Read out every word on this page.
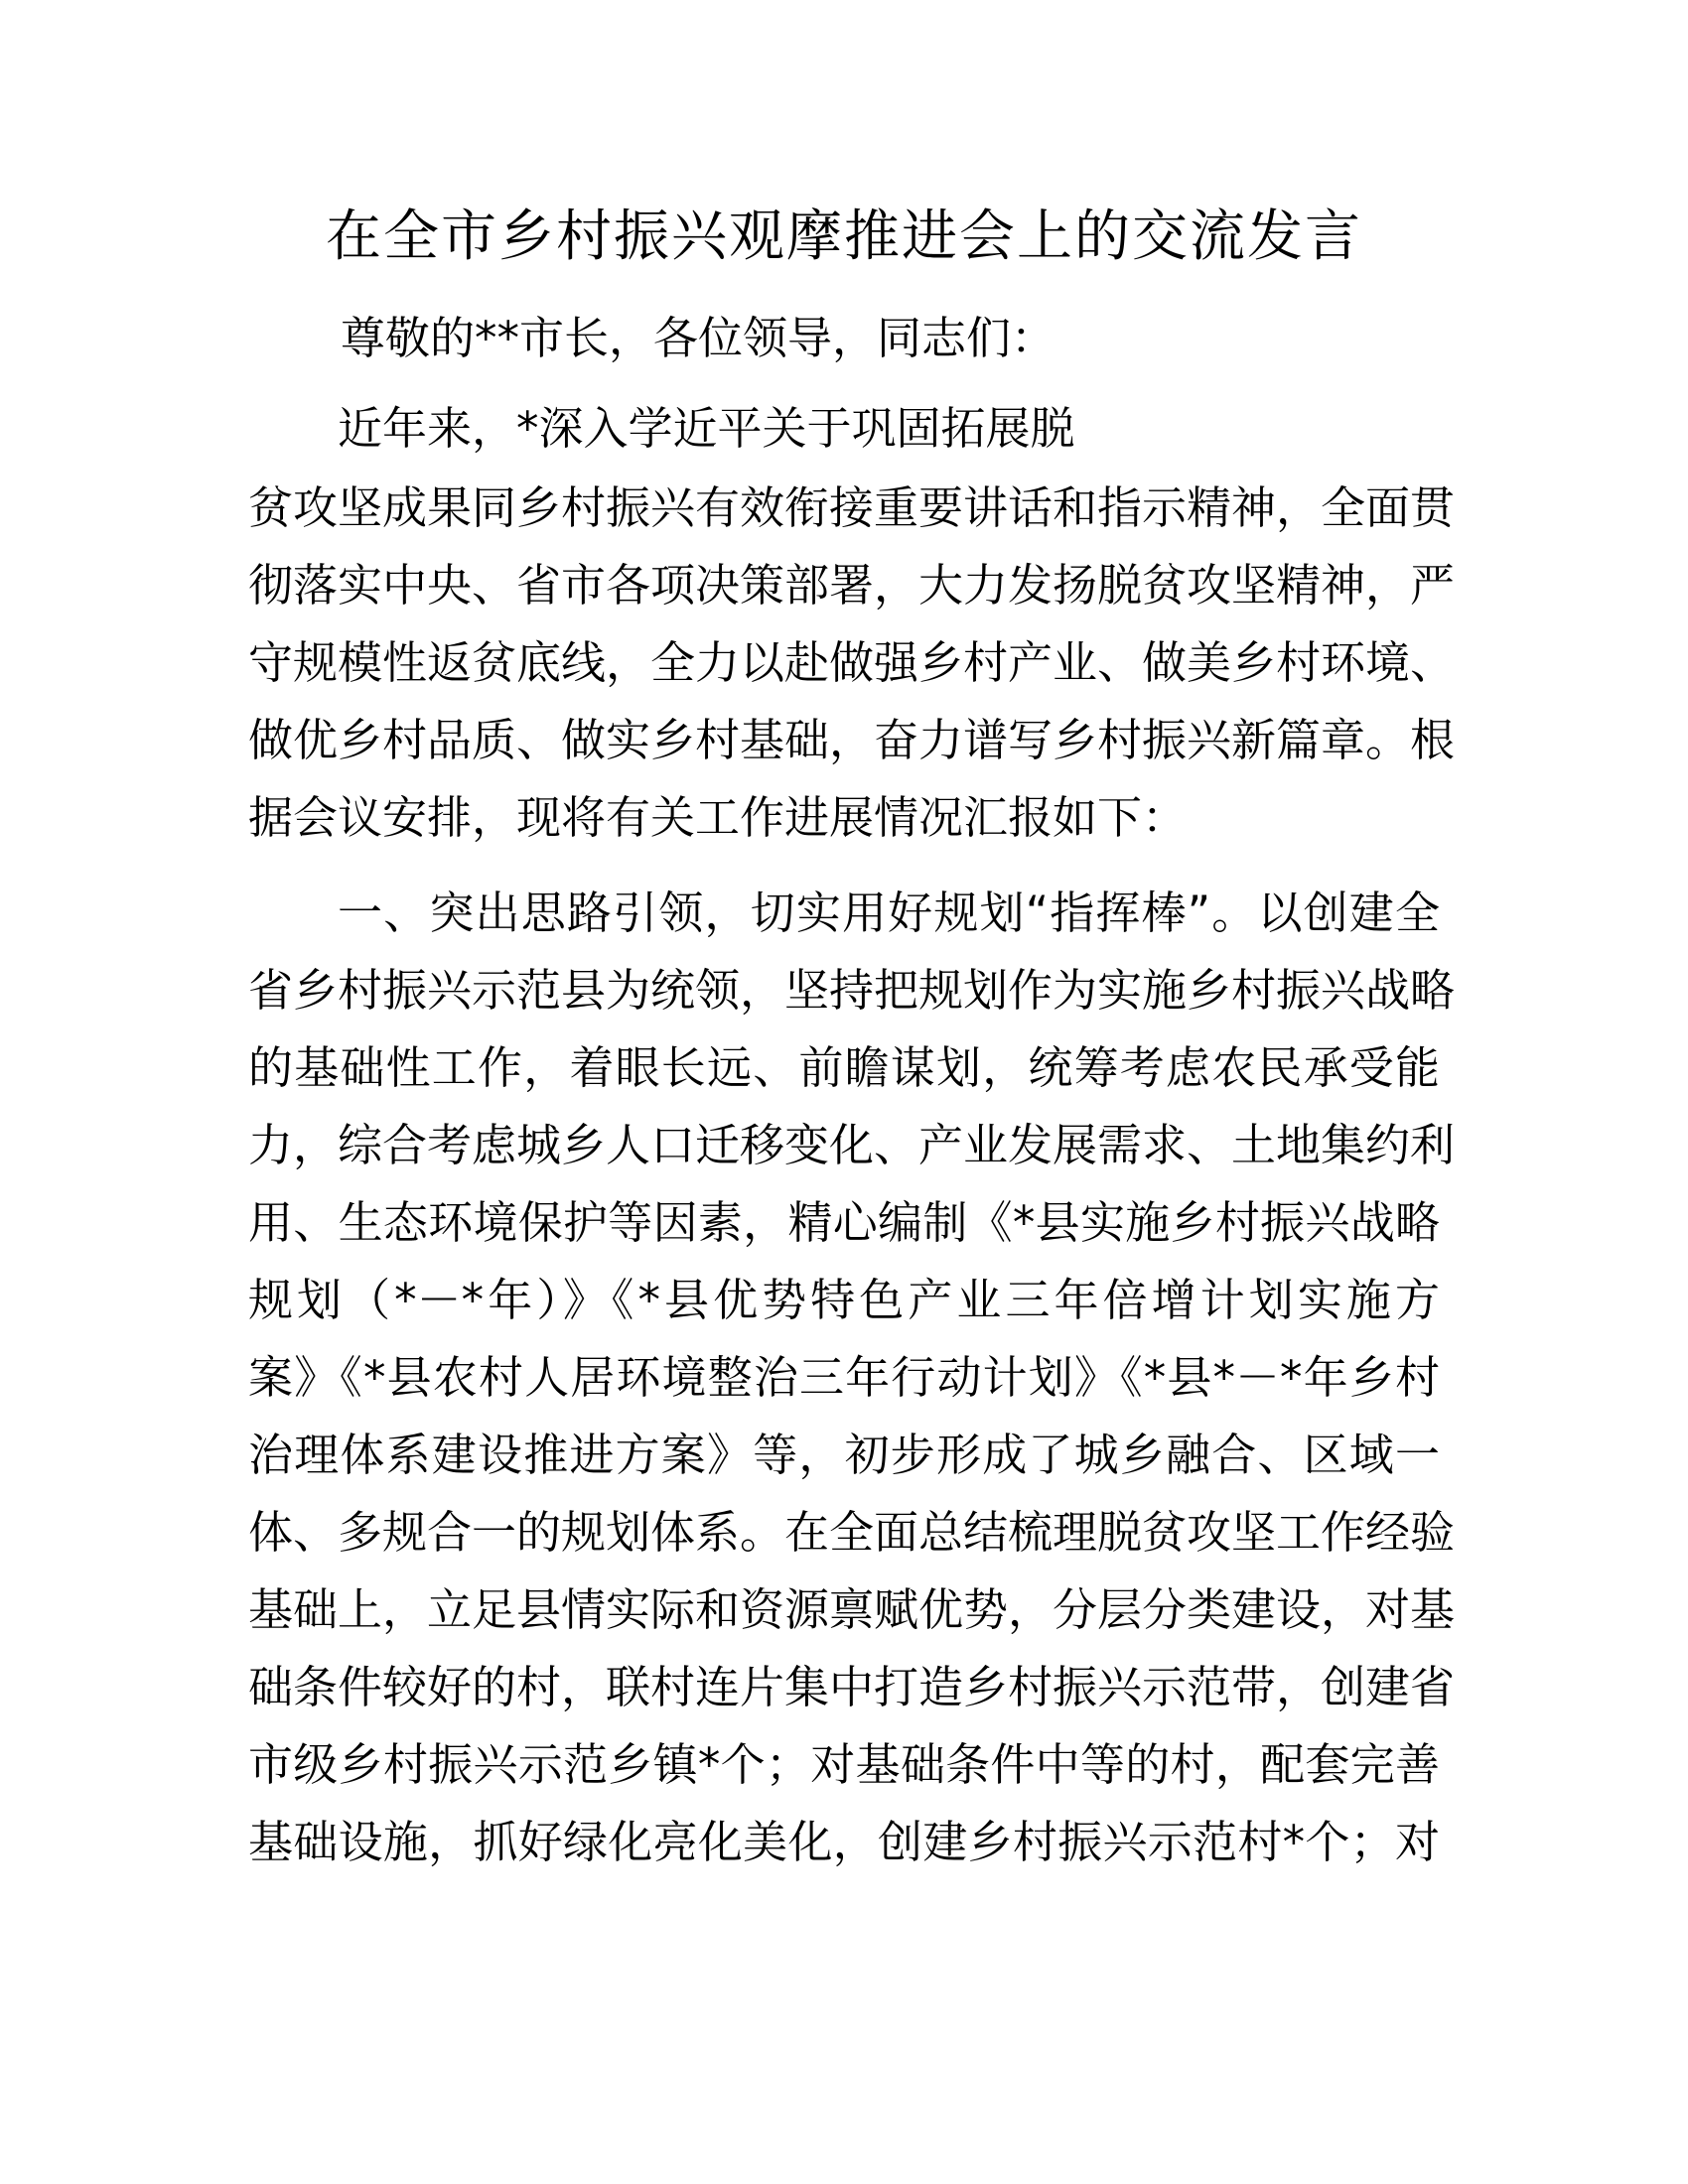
在全市乡村振兴观摩推进会上的交流发言
尊敬的**市长，各位领导，同志们：
近年来，*深入学近平关于巩固拓展脱
贫攻坚成果同乡村振兴有效衔接重要讲话和指示精神，全面贯
彻落实中央、省市各项决策部署，大力发扬脱贫攻坚精神，严
守规模性返贫底线，全力以赴做强乡村产业、做美乡村环境、
做优乡村品质、做实乡村基础，奋力谱写乡村振兴新篇章。根
据会议安排，现将有关工作进展情况汇报如下：
一、突出思路引领，切实用好规划“指挥棒”。以创建全
省乡村振兴示范县为统领，坚持把规划作为实施乡村振兴战略
的基础性工作，着眼长远、前瞻谋划，统筹考虑农民承受能
力，综合考虑城乡人口迁移变化、产业发展需求、土地集约利
用、生态环境保护等因素，精心编制《*县实施乡村振兴战略
规划（*－*年）》《*县优势特色产业三年倍增计划实施方
案》《*县农村人居环境整治三年行动计划》《*县*－*年乡村
治理体系建设推进方案》等，初步形成了城乡融合、区域一
体、多规合一的规划体系。在全面总结梳理脱贫攻坚工作经验
基础上，立足县情实际和资源禀赋优势，分层分类建设，对基
础条件较好的村，联村连片集中打造乡村振兴示范带，创建省
市级乡村振兴示范乡镇*个；对基础条件中等的村，配套完善
基础设施，抓好绿化亮化美化，创建乡村振兴示范村*个；对
